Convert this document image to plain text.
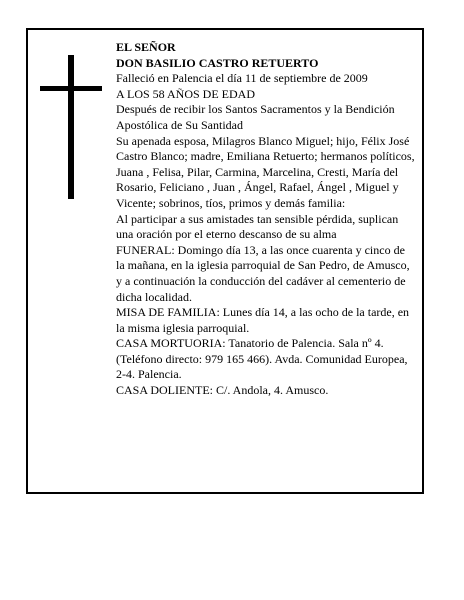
EL SEÑOR

DON BASILIO CASTRO RETUERTO

Falleció en Palencia el día 11 de septiembre de 2009

A LOS 58 AÑOS DE EDAD

Después de recibir los Santos Sacramentos y la Bendición Apostólica de Su Santidad

Su apenada esposa, Milagros Blanco Miguel; hijo, Félix José Castro Blanco; madre, Emiliana Retuerto; hermanos políticos, Juana , Felisa, Pilar, Carmina, Marcelina, Cresti, María del Rosario, Feliciano , Juan , Ángel, Rafael, Ángel , Miguel y Vicente; sobrinos, tíos, primos y demás familia:

Al participar a sus amistades tan sensible pérdida, suplican una oración por el eterno descanso de su alma

FUNERAL: Domingo día 13, a las once cuarenta y cinco de la mañana, en la iglesia parroquial de San Pedro, de Amusco, y a continuación la conducción del cadáver al cementerio de dicha localidad.

MISA DE FAMILIA: Lunes día 14, a las ocho de la tarde, en la misma iglesia parroquial.

CASA MORTUORIA: Tanatorio de Palencia. Sala nº 4. (Teléfono directo: 979 165 466). Avda. Comunidad Europea, 2-4. Palencia.

CASA DOLIENTE: C/. Andola, 4. Amusco.
